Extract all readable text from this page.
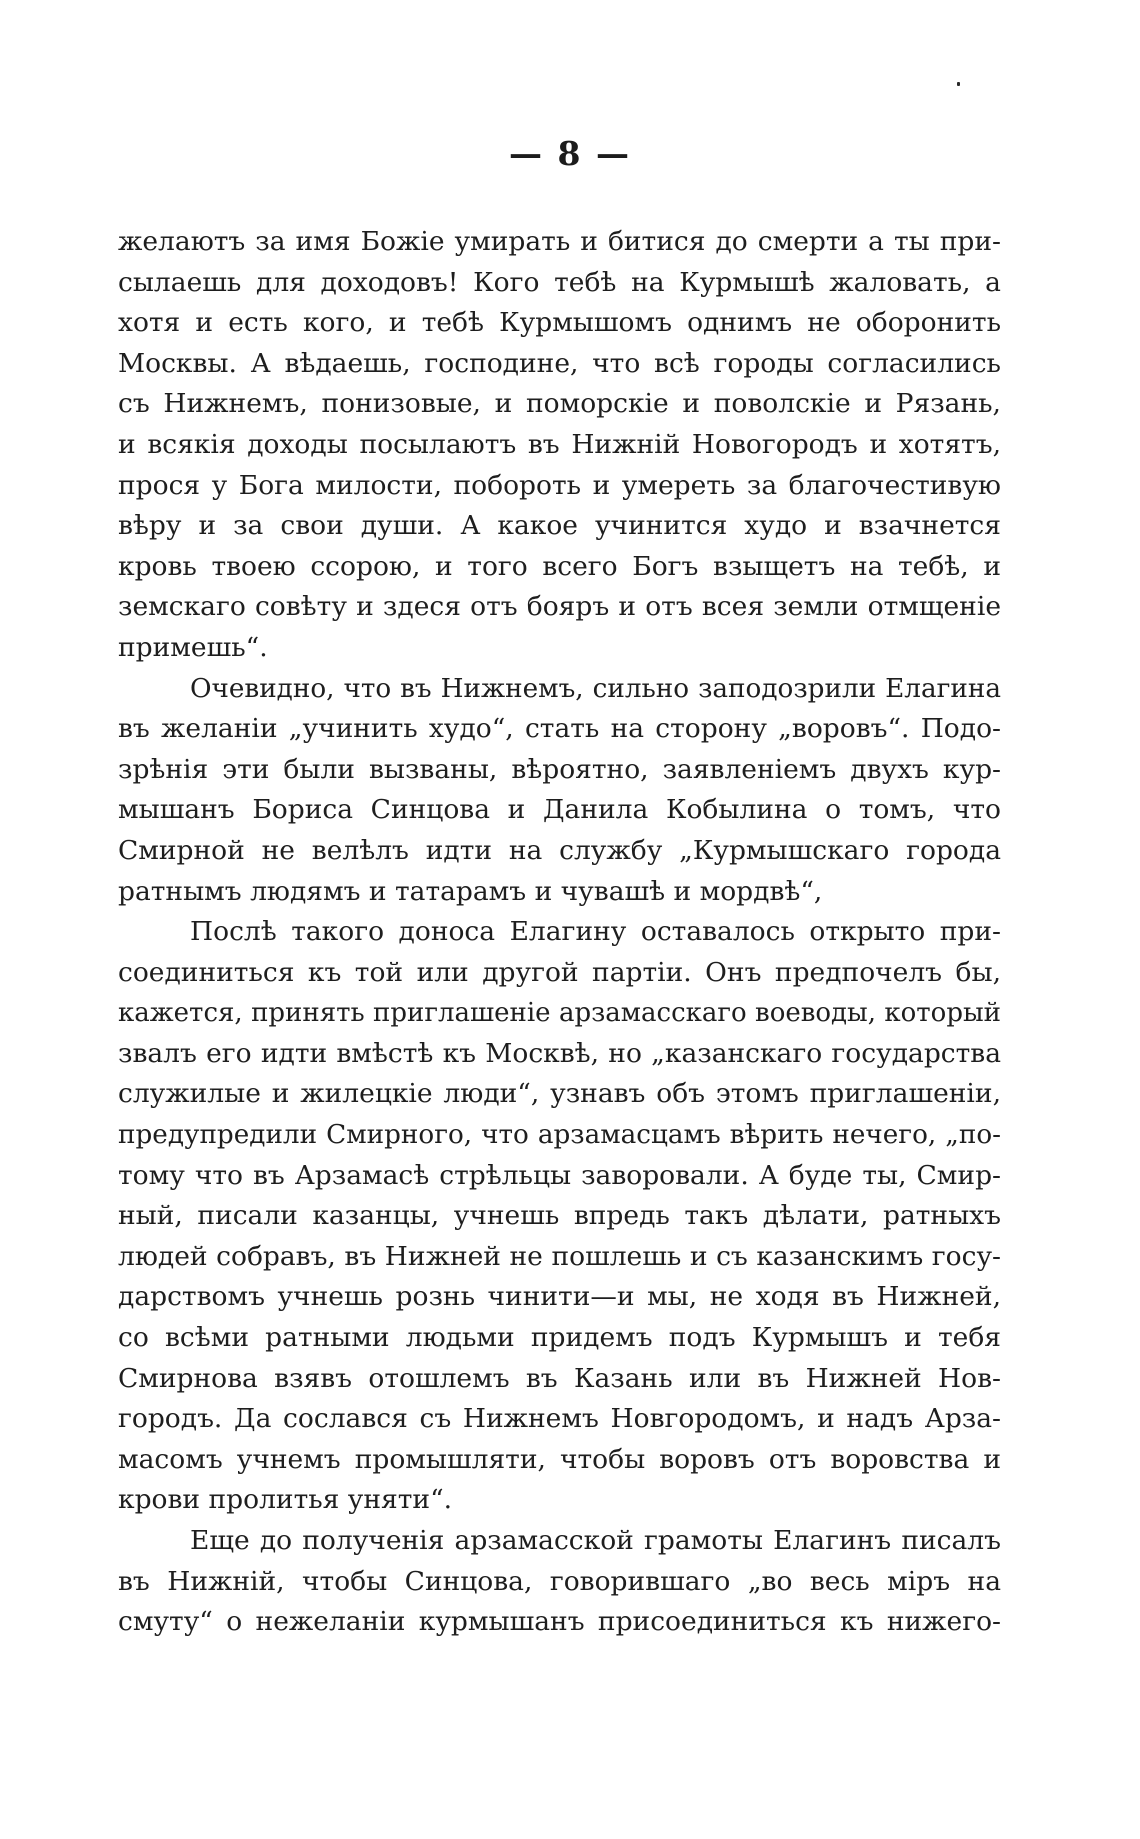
— 8 —

желаютъ за имя Божіе умирать и битися до смерти а ты при-
сылаешь для доходовъ! Кого тебѣ на Курмышѣ жаловать, а
хотя и есть кого, и тебѣ Курмышомъ однимъ не оборонить
Москвы. А вѣдаешь, господине, что всѣ городы согласились
съ Нижнемъ, понизовые, и поморскіе и поволскіе и Рязань,
и всякія доходы посылаютъ въ Нижній Новогородъ и хотятъ,
прося у Бога милости, побороть и умереть за благочестивую
вѣру и за свои души. А какое учинится худо и взачнется
кровь твоею ссорою, и того всего Богъ взыщетъ на тебѣ, и
земскаго совѣту и здеся отъ бояръ и отъ всея земли отмщеніе
примешь“.

Очевидно, что въ Нижнемъ, сильно заподозрили Елагина
въ желаніи „учинить худо“, стать на сторону „воровъ“. Подо-
зрѣнія эти были вызваны, вѣроятно, заявленіемъ двухъ кур-
мышанъ Бориса Синцова и Данила Кобылина о томъ, что
Смирной не велѣлъ идти на службу „Курмышскаго города
ратнымъ людямъ и татарамъ и чувашѣ и мордвѣ“,

Послѣ такого доноса Елагину оставалось открыто при-
соединиться къ той или другой партіи. Онъ предпочелъ бы,
кажется, принять приглашеніе арзамасскаго воеводы, который
звалъ его идти вмѣстѣ къ Москвѣ, но „казанскаго государства
служилые и жилецкіе люди“, узнавъ объ этомъ приглашеніи,
предупредили Смирного, что арзамасцамъ вѣрить нечего, „по-
тому что въ Арзамасѣ стрѣльцы заворовали. А буде ты, Смир-
ный, писали казанцы, учнешь впредь такъ дѣлати, ратныхъ
людей собравъ, въ Нижней не пошлешь и съ казанскимъ госу-
дарствомъ учнешь рознь чинити—и мы, не ходя въ Нижней,
со всѣми ратными людьми придемъ подъ Курмышъ и тебя
Смирнова взявъ отошлемъ въ Казань или въ Нижней Нов-
городъ. Да сослався съ Нижнемъ Новгородомъ, и надъ Арза-
масомъ учнемъ промышляти, чтобы воровъ отъ воровства и
крови пролитья уняти“.

Еще до полученія арзамасской грамоты Елагинъ писалъ
въ Нижній, чтобы Синцова, говорившаго „во весь міръ на
смуту“ о нежеланіи курмышанъ присоединиться къ нижего-
